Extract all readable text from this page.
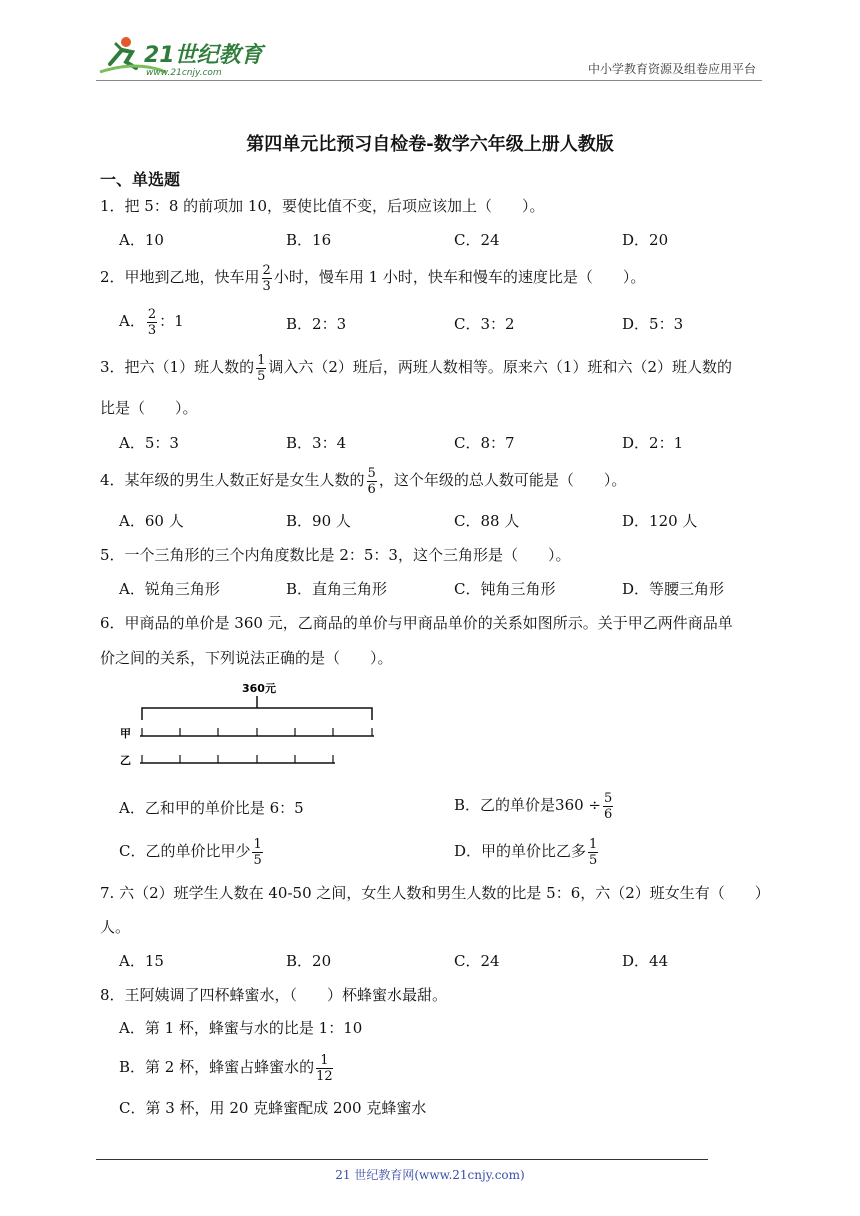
21世纪教育
www.21cnjy.com	中小学教育资源及组卷应用平台
第四单元比预习自检卷-数学六年级上册人教版
一、单选题
1．把 5：8 的前项加 10，要使比值不变，后项应该加上（　　）。
A．10	B．16	C．24	D．20
2．甲地到乙地，快车用 $\frac{2}{3}$ 小时，慢车用 1 小时，快车和慢车的速度比是（　　）。
A． $\frac{2}{3}$ ：1	B．2：3	C．3：2	D．5：3
3．把六（1）班人数的 $\frac{1}{5}$ 调入六（2）班后，两班人数相等。原来六（1）班和六（2）班人数的
比是（　　）。
A．5：3	B．3：4	C．8：7	D．2：1
4．某年级的男生人数正好是女生人数的 $\frac{5}{6}$ ，这个年级的总人数可能是（　　）。
A．60 人	B．90 人	C．88 人	D．120 人
5．一个三角形的三个内角度数比是 2：5：3，这个三角形是（　　）。
A．锐角三角形	B．直角三角形	C．钝角三角形	D．等腰三角形
6．甲商品的单价是 360 元，乙商品的单价与甲商品单价的关系如图所示。关于甲乙两件商品单
价之间的关系，下列说法正确的是（　　）。
360元
甲
乙
A．乙和甲的单价比是 6：5	B．乙的单价是$360 \div \frac{5}{6}$
C．乙的单价比甲少 $\frac{1}{5}$	D．甲的单价比乙多 $\frac{1}{5}$
7. 六（2）班学生人数在 40-50 之间，女生人数和男生人数的比是 5：6，六（2）班女生有（　　）
人。
A．15	B．20	C．24	D．44
8．王阿姨调了四杯蜂蜜水，（　　）杯蜂蜜水最甜。
A．第 1 杯，蜂蜜与水的比是 1：10
B．第 2 杯，蜂蜜占蜂蜜水的 $\frac{1}{12}$
C．第 3 杯，用 20 克蜂蜜配成 200 克蜂蜜水
21 世纪教育网(www.21cnjy.com)
